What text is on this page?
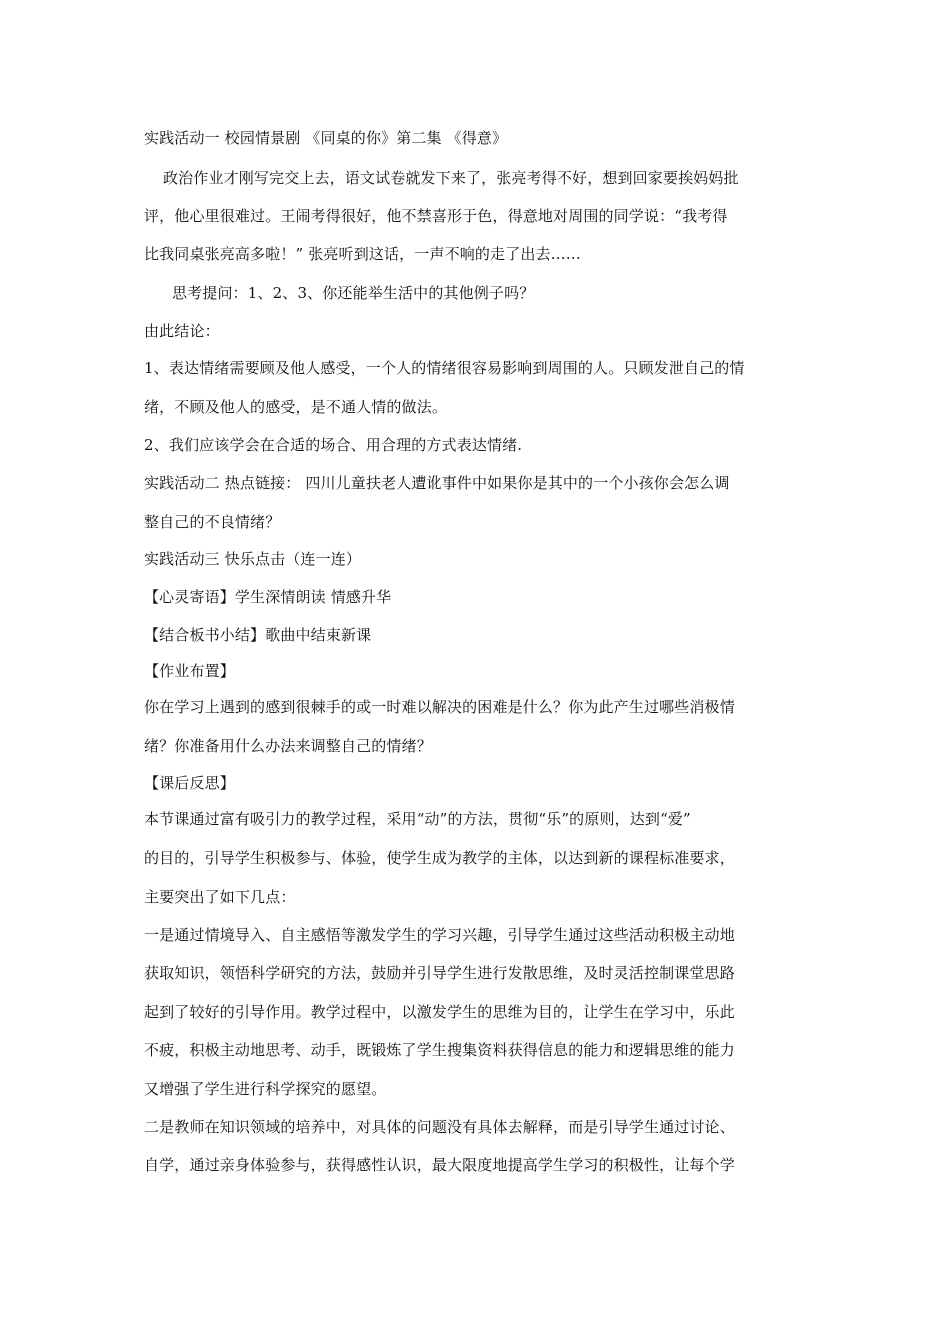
实践活动一 校园情景剧 《同桌的你》第二集 《得意》
政治作业才刚写完交上去，语文试卷就发下来了，张亮考得不好，想到回家要挨妈妈批
评，他心里很难过。王闹考得很好，他不禁喜形于色，得意地对周围的同学说：“我考得
比我同桌张亮高多啦！” 张亮听到这话，一声不响的走了出去……
思考提问：1、2、3、你还能举生活中的其他例子吗？
由此结论：
1、表达情绪需要顾及他人感受，一个人的情绪很容易影响到周围的人。只顾发泄自己的情
绪，不顾及他人的感受，是不通人情的做法。
2、我们应该学会在合适的场合、用合理的方式表达情绪.
实践活动二 热点链接： 四川儿童扶老人遭讹事件中如果你是其中的一个小孩你会怎么调
整自己的不良情绪？
实践活动三 快乐点击（连一连）
【心灵寄语】学生深情朗读 情感升华
【结合板书小结】歌曲中结束新课
【作业布置】
你在学习上遇到的感到很棘手的或一时难以解决的困难是什么？你为此产生过哪些消极情
绪？你准备用什么办法来调整自己的情绪？
【课后反思】
本节课通过富有吸引力的教学过程，采用“动”的方法，贯彻“乐”的原则，达到“爱”
的目的，引导学生积极参与、体验，使学生成为教学的主体，以达到新的课程标准要求，
主要突出了如下几点：
一是通过情境导入、自主感悟等激发学生的学习兴趣，引导学生通过这些活动积极主动地
获取知识，领悟科学研究的方法，鼓励并引导学生进行发散思维，及时灵活控制课堂思路
起到了较好的引导作用。教学过程中，以激发学生的思维为目的，让学生在学习中，乐此
不疲，积极主动地思考、动手，既锻炼了学生搜集资料获得信息的能力和逻辑思维的能力
又增强了学生进行科学探究的愿望。
二是教师在知识领域的培养中，对具体的问题没有具体去解释，而是引导学生通过讨论、
自学，通过亲身体验参与，获得感性认识，最大限度地提高学生学习的积极性，让每个学
